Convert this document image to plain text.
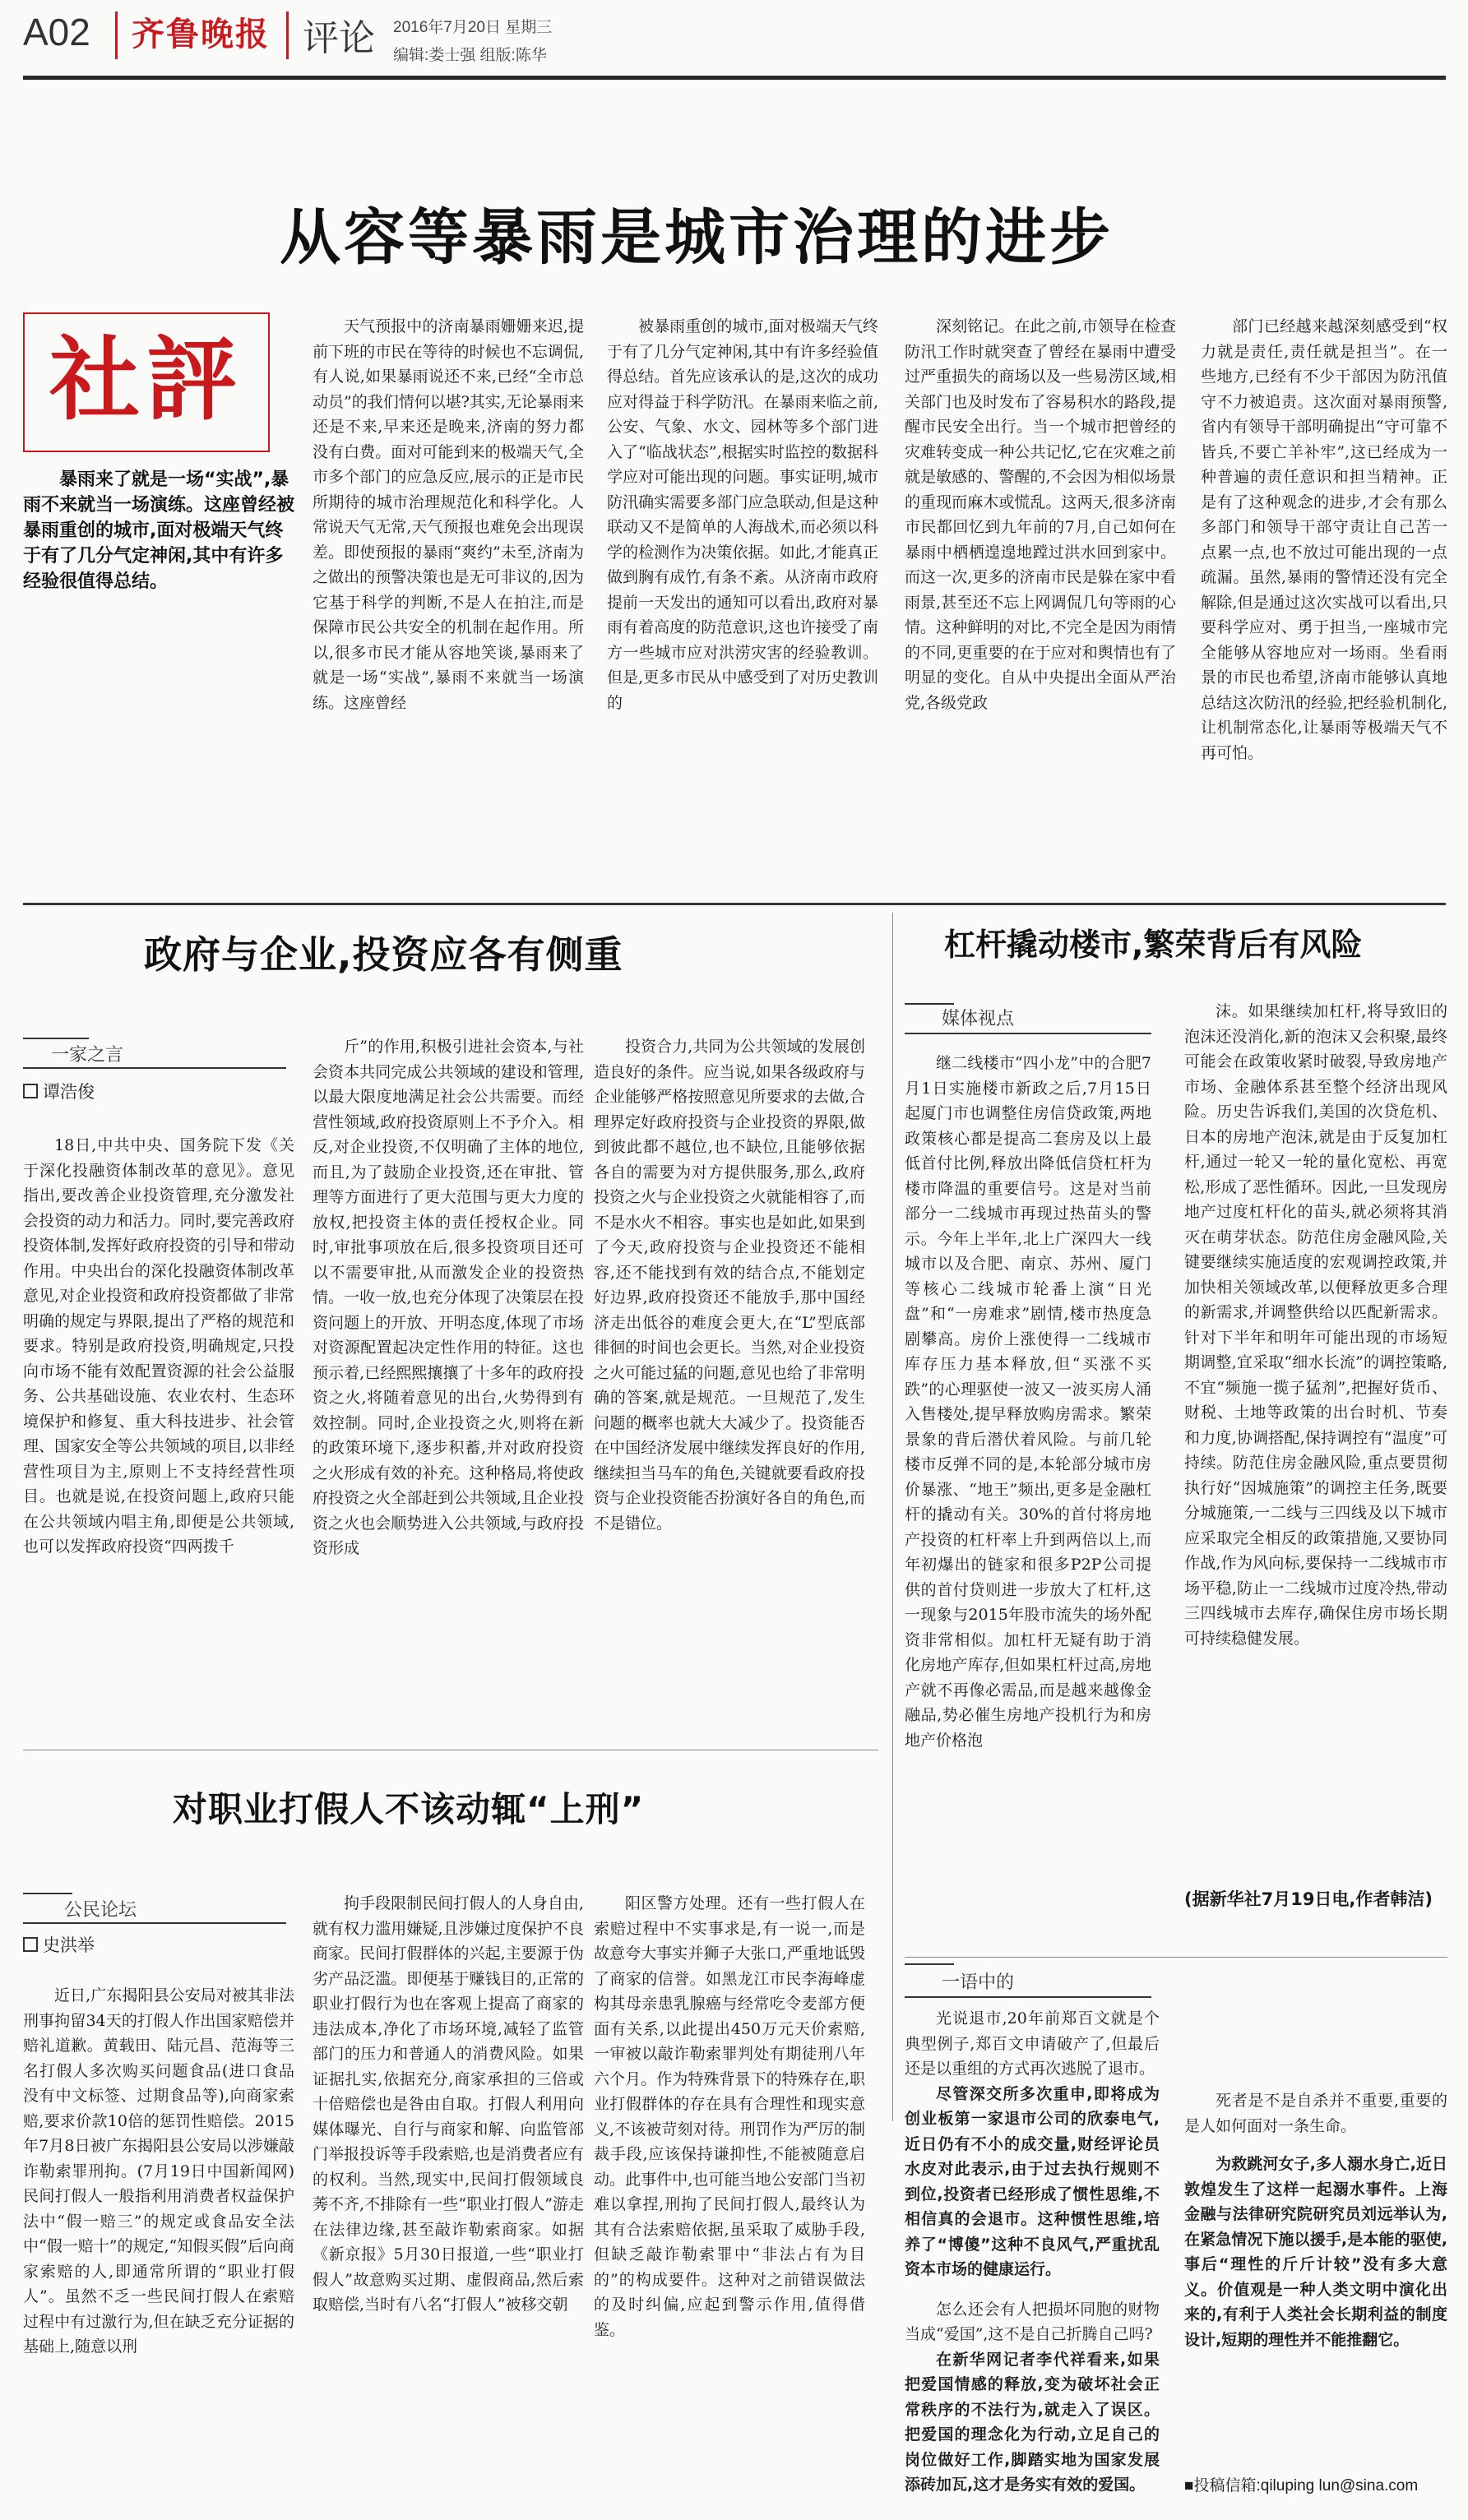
A02 齐鲁晚报 评论 2016年7月20日 星期三
编辑:娄士强 组版:陈华
从容等暴雨是城市治理的进步
社評
暴雨来了就是一场“实战”,暴雨不来就当一场演练。这座曾经被暴雨重创的城市,面对极端天气终于有了几分气定神闲,其中有许多经验很值得总结。

天气预报中的济南暴雨姗姗来迟,提前下班的市民在等待的时候也不忘调侃,有人说,如果暴雨说还不来,已经“全市总动员”的我们情何以堪?其实,无论暴雨来还是不来,早来还是晚来,济南的努力都没有白费。面对可能到来的极端天气,全市多个部门的应急反应,展示的正是市民所期待的城市治理规范化和科学化。人常说天气无常,天气预报也难免会出现误差。即使预报的暴雨“爽约”未至,济南为之做出的预警决策也是无可非议的,因为它基于科学的判断,不是人在拍注,而是保障市民公共安全的机制在起作用。所以,很多市民才能从容地笑谈,暴雨来了就是一场“实战”,暴雨不来就当一场演练。这座曾经

被暴雨重创的城市,面对极端天气终于有了几分气定神闲,其中有许多经验值得总结。首先应该承认的是,这次的成功应对得益于科学防汛。在暴雨来临之前,公安、气象、水文、园林等多个部门进入了“临战状态”,根据实时监控的数据科学应对可能出现的问题。事实证明,城市防汛确实需要多部门应急联动,但是这种联动又不是简单的人海战术,而必须以科学的检测作为决策依据。如此,才能真正做到胸有成竹,有条不紊。从济南市政府提前一天发出的通知可以看出,政府对暴雨有着高度的防范意识,这也许接受了南方一些城市应对洪涝灾害的经验教训。但是,更多市民从中感受到了对历史教训的

深刻铭记。在此之前,市领导在检查防汛工作时就突查了曾经在暴雨中遭受过严重损失的商场以及一些易涝区域,相关部门也及时发布了容易积水的路段,提醒市民安全出行。当一个城市把曾经的灾难转变成一种公共记忆,它在灾难之前就是敏感的、警醒的,不会因为相似场景的重现而麻木或慌乱。这两天,很多济南市民都回忆到九年前的7月,自己如何在暴雨中栖栖遑遑地蹚过洪水回到家中。而这一次,更多的济南市民是躲在家中看雨景,甚至还不忘上网调侃几句等雨的心情。这种鲜明的对比,不完全是因为雨情的不同,更重要的在于应对和舆情也有了明显的变化。自从中央提出全面从严治党,各级党政

部门已经越来越深刻感受到“权力就是责任,责任就是担当”。在一些地方,已经有不少干部因为防汛值守不力被追责。这次面对暴雨预警,省内有领导干部明确提出“守可靠不皆兵,不要亡羊补牢”,这已经成为一种普遍的责任意识和担当精神。正是有了这种观念的进步,才会有那么多部门和领导干部守责让自己苦一点累一点,也不放过可能出现的一点疏漏。虽然,暴雨的警情还没有完全解除,但是通过这次实战可以看出,只要科学应对、勇于担当,一座城市完全能够从容地应对一场雨。坐看雨景的市民也希望,济南市能够认真地总结这次防汛的经验,把经验机制化,让机制常态化,让暴雨等极端天气不再可怕。

政府与企业,投资应各有侧重
一家之言
谭浩俊

18日,中共中央、国务院下发《关于深化投融资体制改革的意见》。意见指出,要改善企业投资管理,充分激发社会投资的动力和活力。同时,要完善政府投资体制,发挥好政府投资的引导和带动作用。中央出台的深化投融资体制改革意见,对企业投资和政府投资都做了非常明确的规定与界限,提出了严格的规范和要求。特别是政府投资,明确规定,只投向市场不能有效配置资源的社会公益服务、公共基础设施、农业农村、生态环境保护和修复、重大科技进步、社会管理、国家安全等公共领域的项目,以非经营性项目为主,原则上不支持经营性项目。也就是说,在投资问题上,政府只能在公共领域内唱主角,即便是公共领域,也可以发挥政府投资“四两拨千

斤”的作用,积极引进社会资本,与社会资本共同完成公共领域的建设和管理,以最大限度地满足社会公共需要。而经营性领域,政府投资原则上不予介入。相反,对企业投资,不仅明确了主体的地位,而且,为了鼓励企业投资,还在审批、管理等方面进行了更大范围与更大力度的放权,把投资主体的责任授权企业。同时,审批事项放在后,很多投资项目还可以不需要审批,从而激发企业的投资热情。一收一放,也充分体现了决策层在投资问题上的开放、开明态度,体现了市场对资源配置起决定性作用的特征。这也预示着,已经熙熙攘攘了十多年的政府投资之火,将随着意见的出台,火势得到有效控制。同时,企业投资之火,则将在新的政策环境下,逐步积蓄,并对政府投资之火形成有效的补充。这种格局,将使政府投资之火全部赶到公共领域,且企业投资之火也会顺势进入公共领域,与政府投资形成

投资合力,共同为公共领域的发展创造良好的条件。应当说,如果各级政府与企业能够严格按照意见所要求的去做,合理界定好政府投资与企业投资的界限,做到彼此都不越位,也不缺位,且能够依据各自的需要为对方提供服务,那么,政府投资之火与企业投资之火就能相容了,而不是水火不相容。事实也是如此,如果到了今天,政府投资与企业投资还不能相容,还不能找到有效的结合点,不能划定好边界,政府投资还不能放手,那中国经济走出低谷的难度会更大,在“L”型底部徘徊的时间也会更长。当然,对企业投资之火可能过猛的问题,意见也给了非常明确的答案,就是规范。一旦规范了,发生问题的概率也就大大减少了。投资能否在中国经济发展中继续发挥良好的作用,继续担当马车的角色,关键就要看政府投资与企业投资能否扮演好各自的角色,而不是错位。

杠杆撬动楼市,繁荣背后有风险
媒体视点

继二线楼市“四小龙”中的合肥7月1日实施楼市新政之后,7月15日起厦门市也调整住房信贷政策,两地政策核心都是提高二套房及以上最低首付比例,释放出降低信贷杠杆为楼市降温的重要信号。这是对当前部分一二线城市再现过热苗头的警示。今年上半年,北上广深四大一线城市以及合肥、南京、苏州、厦门等核心二线城市轮番上演“日光盘”和“一房难求”剧情,楼市热度急剧攀高。房价上涨使得一二线城市库存压力基本释放,但“买涨不买跌”的心理驱使一波又一波买房人涌入售楼处,提早释放购房需求。繁荣景象的背后潜伏着风险。与前几轮楼市反弹不同的是,本轮部分城市房价暴涨、“地王”频出,更多是金融杠杆的撬动有关。30%的首付将房地产投资的杠杆率上升到两倍以上,而年初爆出的链家和很多P2P公司提供的首付贷则进一步放大了杠杆,这一现象与2015年股市流失的场外配资非常相似。加杠杆无疑有助于消化房地产库存,但如果杠杆过高,房地产就不再像必需品,而是越来越像金融品,势必催生房地产投机行为和房地产价格泡

沫。如果继续加杠杆,将导致旧的泡沫还没消化,新的泡沫又会积聚,最终可能会在政策收紧时破裂,导致房地产市场、金融体系甚至整个经济出现风险。历史告诉我们,美国的次贷危机、日本的房地产泡沫,就是由于反复加杠杆,通过一轮又一轮的量化宽松、再宽松,形成了恶性循环。因此,一旦发现房地产过度杠杆化的苗头,就必须将其消灭在萌芽状态。防范住房金融风险,关键要继续实施适度的宏观调控政策,并加快相关领域改革,以便释放更多合理的新需求,并调整供给以匹配新需求。针对下半年和明年可能出现的市场短期调整,宜采取“细水长流”的调控策略,不宜“频施一揽子猛剂”,把握好货币、财税、土地等政策的出台时机、节奏和力度,协调搭配,保持调控有“温度”可持续。防范住房金融风险,重点要贯彻执行好“因城施策”的调控主任务,既要分城施策,一二线与三四线及以下城市应采取完全相反的政策措施,又要协同作战,作为风向标,要保持一二线城市市场平稳,防止一二线城市过度冷热,带动三四线城市去库存,确保住房市场长期可持续稳健发展。

(据新华社7月19日电,作者韩洁)
对职业打假人不该动辄“上刑”
公民论坛
史洪举

近日,广东揭阳县公安局对被其非法刑事拘留34天的打假人作出国家赔偿并赔礼道歉。黄载田、陆元昌、范海等三名打假人多次购买问题食品(进口食品没有中文标签、过期食品等),向商家索赔,要求价款10倍的惩罚性赔偿。2015年7月8日被广东揭阳县公安局以涉嫌敲诈勒索罪刑拘。(7月19日中国新闻网)民间打假人一般指利用消费者权益保护法中“假一赔三”的规定或食品安全法中“假一赔十”的规定,“知假买假”后向商家索赔的人,即通常所谓的“职业打假人”。虽然不乏一些民间打假人在索赔过程中有过激行为,但在缺乏充分证据的基础上,随意以刑

拘手段限制民间打假人的人身自由,就有权力滥用嫌疑,且涉嫌过度保护不良商家。民间打假群体的兴起,主要源于伪劣产品泛滥。即便基于赚钱目的,正常的职业打假行为也在客观上提高了商家的违法成本,净化了市场环境,减轻了监管部门的压力和普通人的消费风险。如果证据扎实,依据充分,商家承担的三倍或十倍赔偿也是咎由自取。打假人利用向媒体曝光、自行与商家和解、向监管部门举报投诉等手段索赔,也是消费者应有的权利。当然,现实中,民间打假领域良莠不齐,不排除有一些“职业打假人”游走在法律边缘,甚至敲诈勒索商家。如据《新京报》5月30日报道,一些“职业打假人”故意购买过期、虚假商品,然后索取赔偿,当时有八名“打假人”被移交朝

阳区警方处理。还有一些打假人在索赔过程中不实事求是,有一说一,而是故意夸大事实并狮子大张口,严重地诋毁了商家的信誉。如黑龙江市民李海峰虚构其母亲患乳腺癌与经常吃令麦部方便面有关系,以此提出450万元天价索赔,一审被以敲诈勒索罪判处有期徒刑八年六个月。作为特殊背景下的特殊存在,职业打假群体的存在具有合理性和现实意义,不该被苛刻对待。刑罚作为严厉的制裁手段,应该保持谦抑性,不能被随意启动。此事件中,也可能当地公安部门当初难以拿捏,刑拘了民间打假人,最终认为其有合法索赔依据,虽采取了威胁手段,但缺乏敲诈勒索罪中“非法占有为目的”的构成要件。这种对之前错误做法的及时纠偏,应起到警示作用,值得借鉴。

一语中的

光说退市,20年前郑百文就是个典型例子,郑百文申请破产了,但最后还是以重组的方式再次逃脱了退市。

尽管深交所多次重申,即将成为创业板第一家退市公司的欣泰电气,近日仍有不小的成交量,财经评论员水皮对此表示,由于过去执行规则不到位,投资者已经形成了惯性思维,不相信真的会退市。这种惯性思维,培养了“博傻”这种不良风气,严重扰乱资本市场的健康运行。

怎么还会有人把损坏同胞的财物当成“爱国”,这不是自己折腾自己吗?

在新华网记者李代祥看来,如果把爱国情感的释放,变为破坏社会正常秩序的不法行为,就走入了误区。把爱国的理念化为行动,立足自己的岗位做好工作,脚踏实地为国家发展添砖加瓦,这才是务实有效的爱国。

死者是不是自杀并不重要,重要的是人如何面对一条生命。

为救跳河女子,多人溺水身亡,近日敦煌发生了这样一起溺水事件。上海金融与法律研究院研究员刘远举认为,在紧急情况下施以援手,是本能的驱使,事后“理性的斤斤计较”没有多大意义。价值观是一种人类文明中演化出来的,有利于人类社会长期利益的制度设计,短期的理性并不能推翻它。

■投稿信箱:qiluping lun@sina.com
